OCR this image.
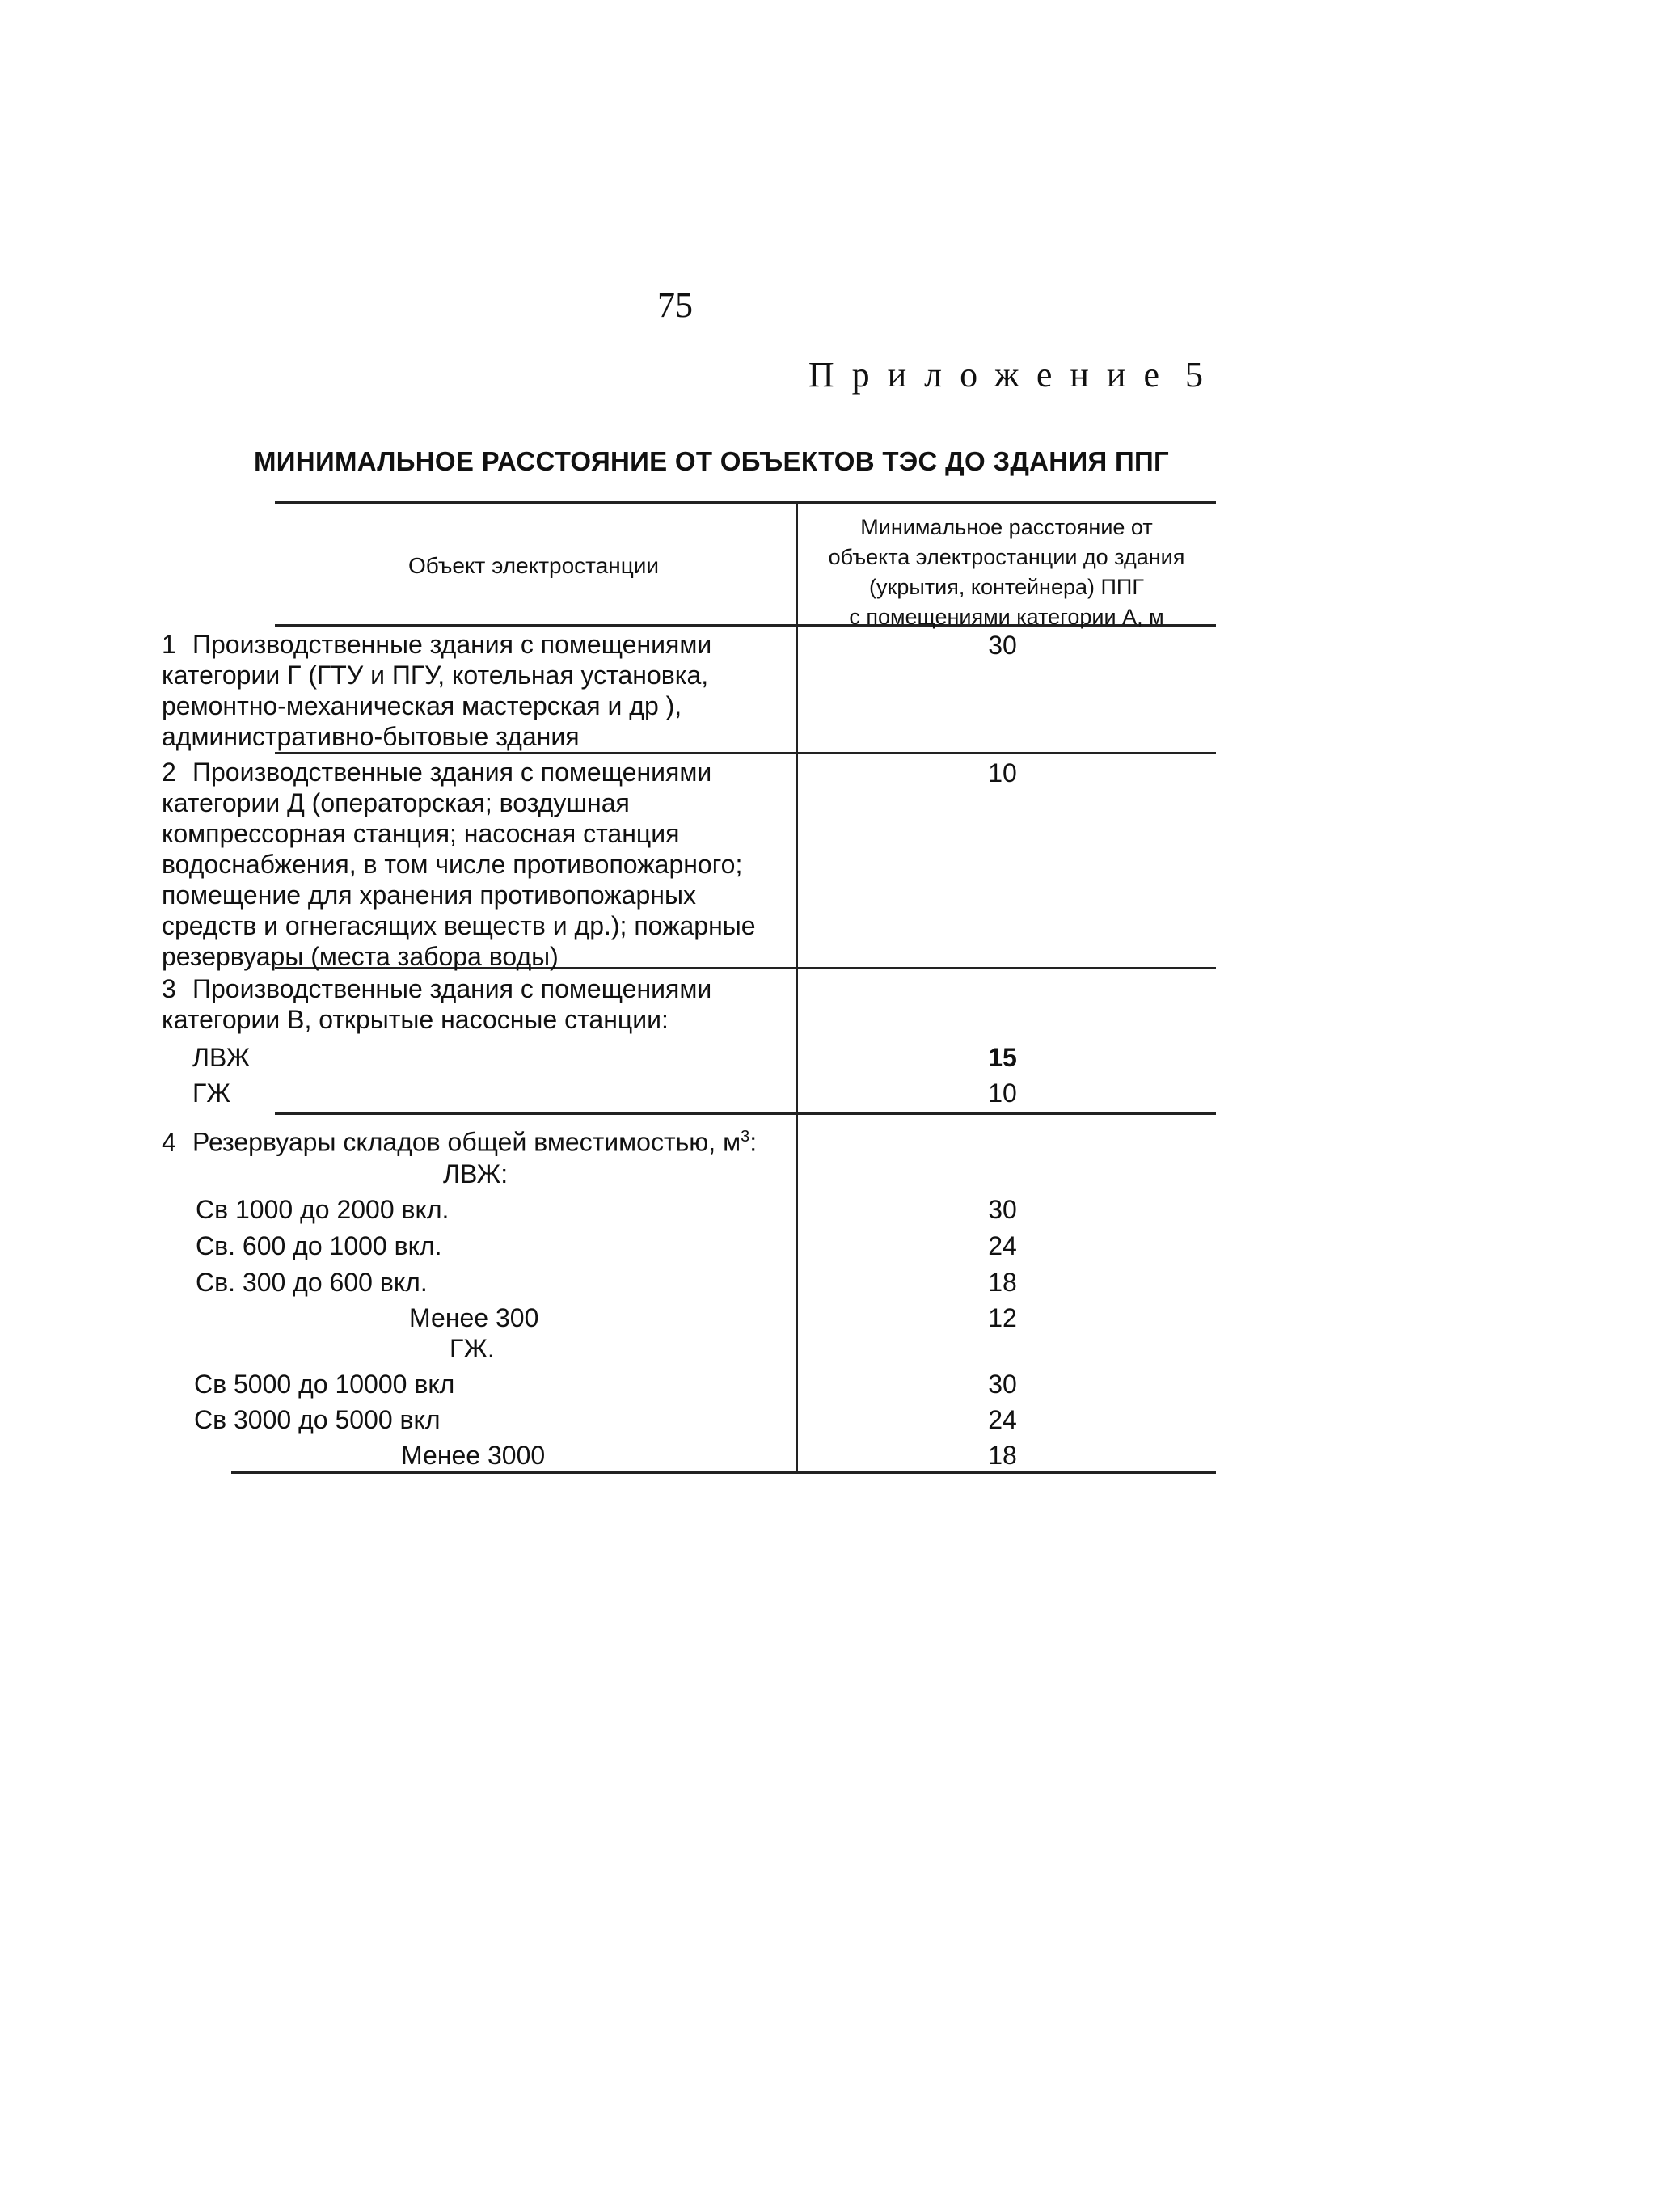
75
Приложение 5
МИНИМАЛЬНОЕ РАССТОЯНИЕ ОТ ОБЪЕКТОВ ТЭС ДО ЗДАНИЯ ППГ
Объект электростанции
Минимальное расстояние от
объекта электростанции до здания
(укрытия, контейнера) ППГ
с помещениями категории А, м
1 Производственные здания с помещениями
категории Г (ГТУ и ПГУ, котельная установка,
ремонтно-механическая мастерская и др ),
административно-бытовые здания
30
2 Производственные здания с помещениями
категории Д (операторская; воздушная
компрессорная станция; насосная станция
водоснабжения, в том числе противопожарного;
помещение для хранения противопожарных
средств и огнегасящих веществ и др.); пожарные
резервуары (места забора воды)
10
3 Производственные здания с помещениями
категории В, открытые насосные станции:
ЛВЖ	15
ГЖ	10
4 Резервуары складов общей вместимостью, $м^3$:
ЛВЖ:
Св 1000 до 2000 вкл.	30
Св. 600 до 1000 вкл.	24
Св. 300 до 600 вкл.	18
Менее 300	12
ГЖ.
Св 5000 до 10000 вкл	30
Св 3000 до 5000 вкл	24
Менее 3000	18
